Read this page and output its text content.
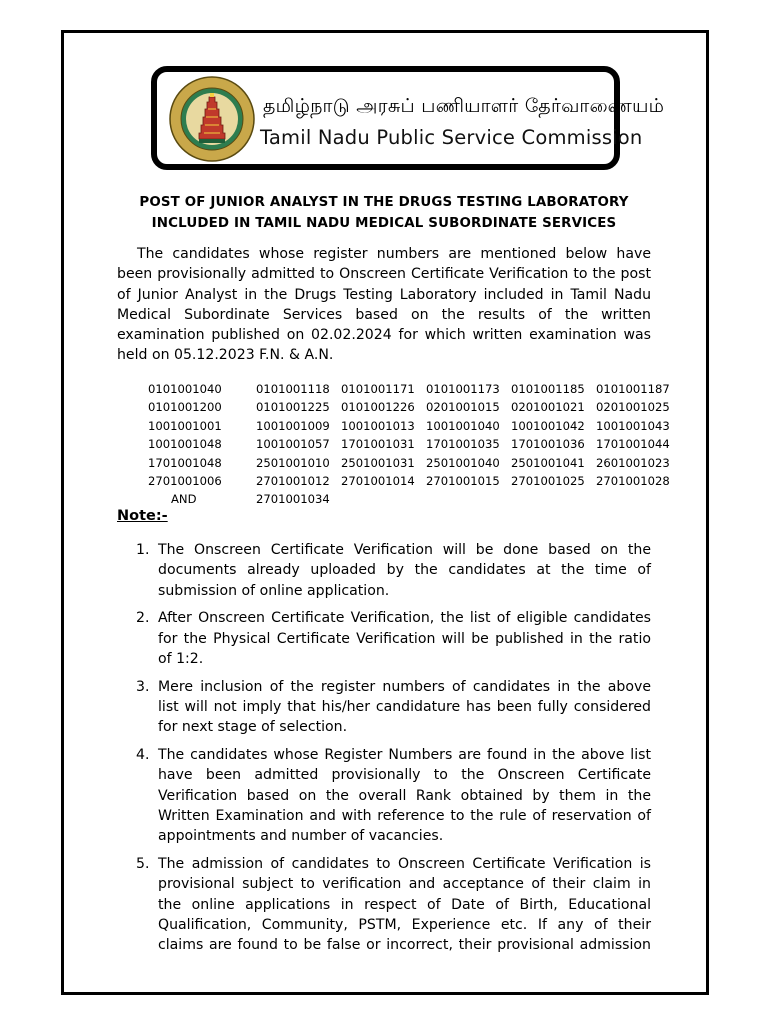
தமிழ்நாடு அரசுப் பணியாளர் தேர்வாணையம்
Tamil Nadu Public Service Commission
POST OF JUNIOR ANALYST IN THE DRUGS TESTING LABORATORY
INCLUDED IN TAMIL NADU MEDICAL SUBORDINATE SERVICES
The candidates whose register numbers are mentioned below have
been provisionally admitted to Onscreen Certificate Verification to the post
of Junior Analyst in the Drugs Testing Laboratory included in Tamil Nadu
Medical Subordinate Services based on the results of the written
examination published on 02.02.2024 for which written examination was
held on 05.12.2023 F.N. & A.N.
0101001040	0101001118	0101001171	0101001173	0101001185	0101001187
0101001200	0101001225	0101001226	0201001015	0201001021	0201001025
1001001001	1001001009	1001001013	1001001040	1001001042	1001001043
1001001048	1001001057	1701001031	1701001035	1701001036	1701001044
1701001048	2501001010	2501001031	2501001040	2501001041	2601001023
2701001006	2701001012	2701001014	2701001015	2701001025	2701001028
AND	2701001034				
Note:-
1. The Onscreen Certificate Verification will be done based on the
documents already uploaded by the candidates at the time of
submission of online application.
2. After Onscreen Certificate Verification, the list of eligible candidates
for the Physical Certificate Verification will be published in the ratio
of 1:2.
3. Mere inclusion of the register numbers of candidates in the above
list will not imply that his/her candidature has been fully considered
for next stage of selection.
4. The candidates whose Register Numbers are found in the above list
have been admitted provisionally to the Onscreen Certificate
Verification based on the overall Rank obtained by them in the
Written Examination and with reference to the rule of reservation of
appointments and number of vacancies.
5. The admission of candidates to Onscreen Certificate Verification is
provisional subject to verification and acceptance of their claim in
the online applications in respect of Date of Birth, Educational
Qualification, Community, PSTM, Experience etc. If any of their
claims are found to be false or incorrect, their provisional admission
